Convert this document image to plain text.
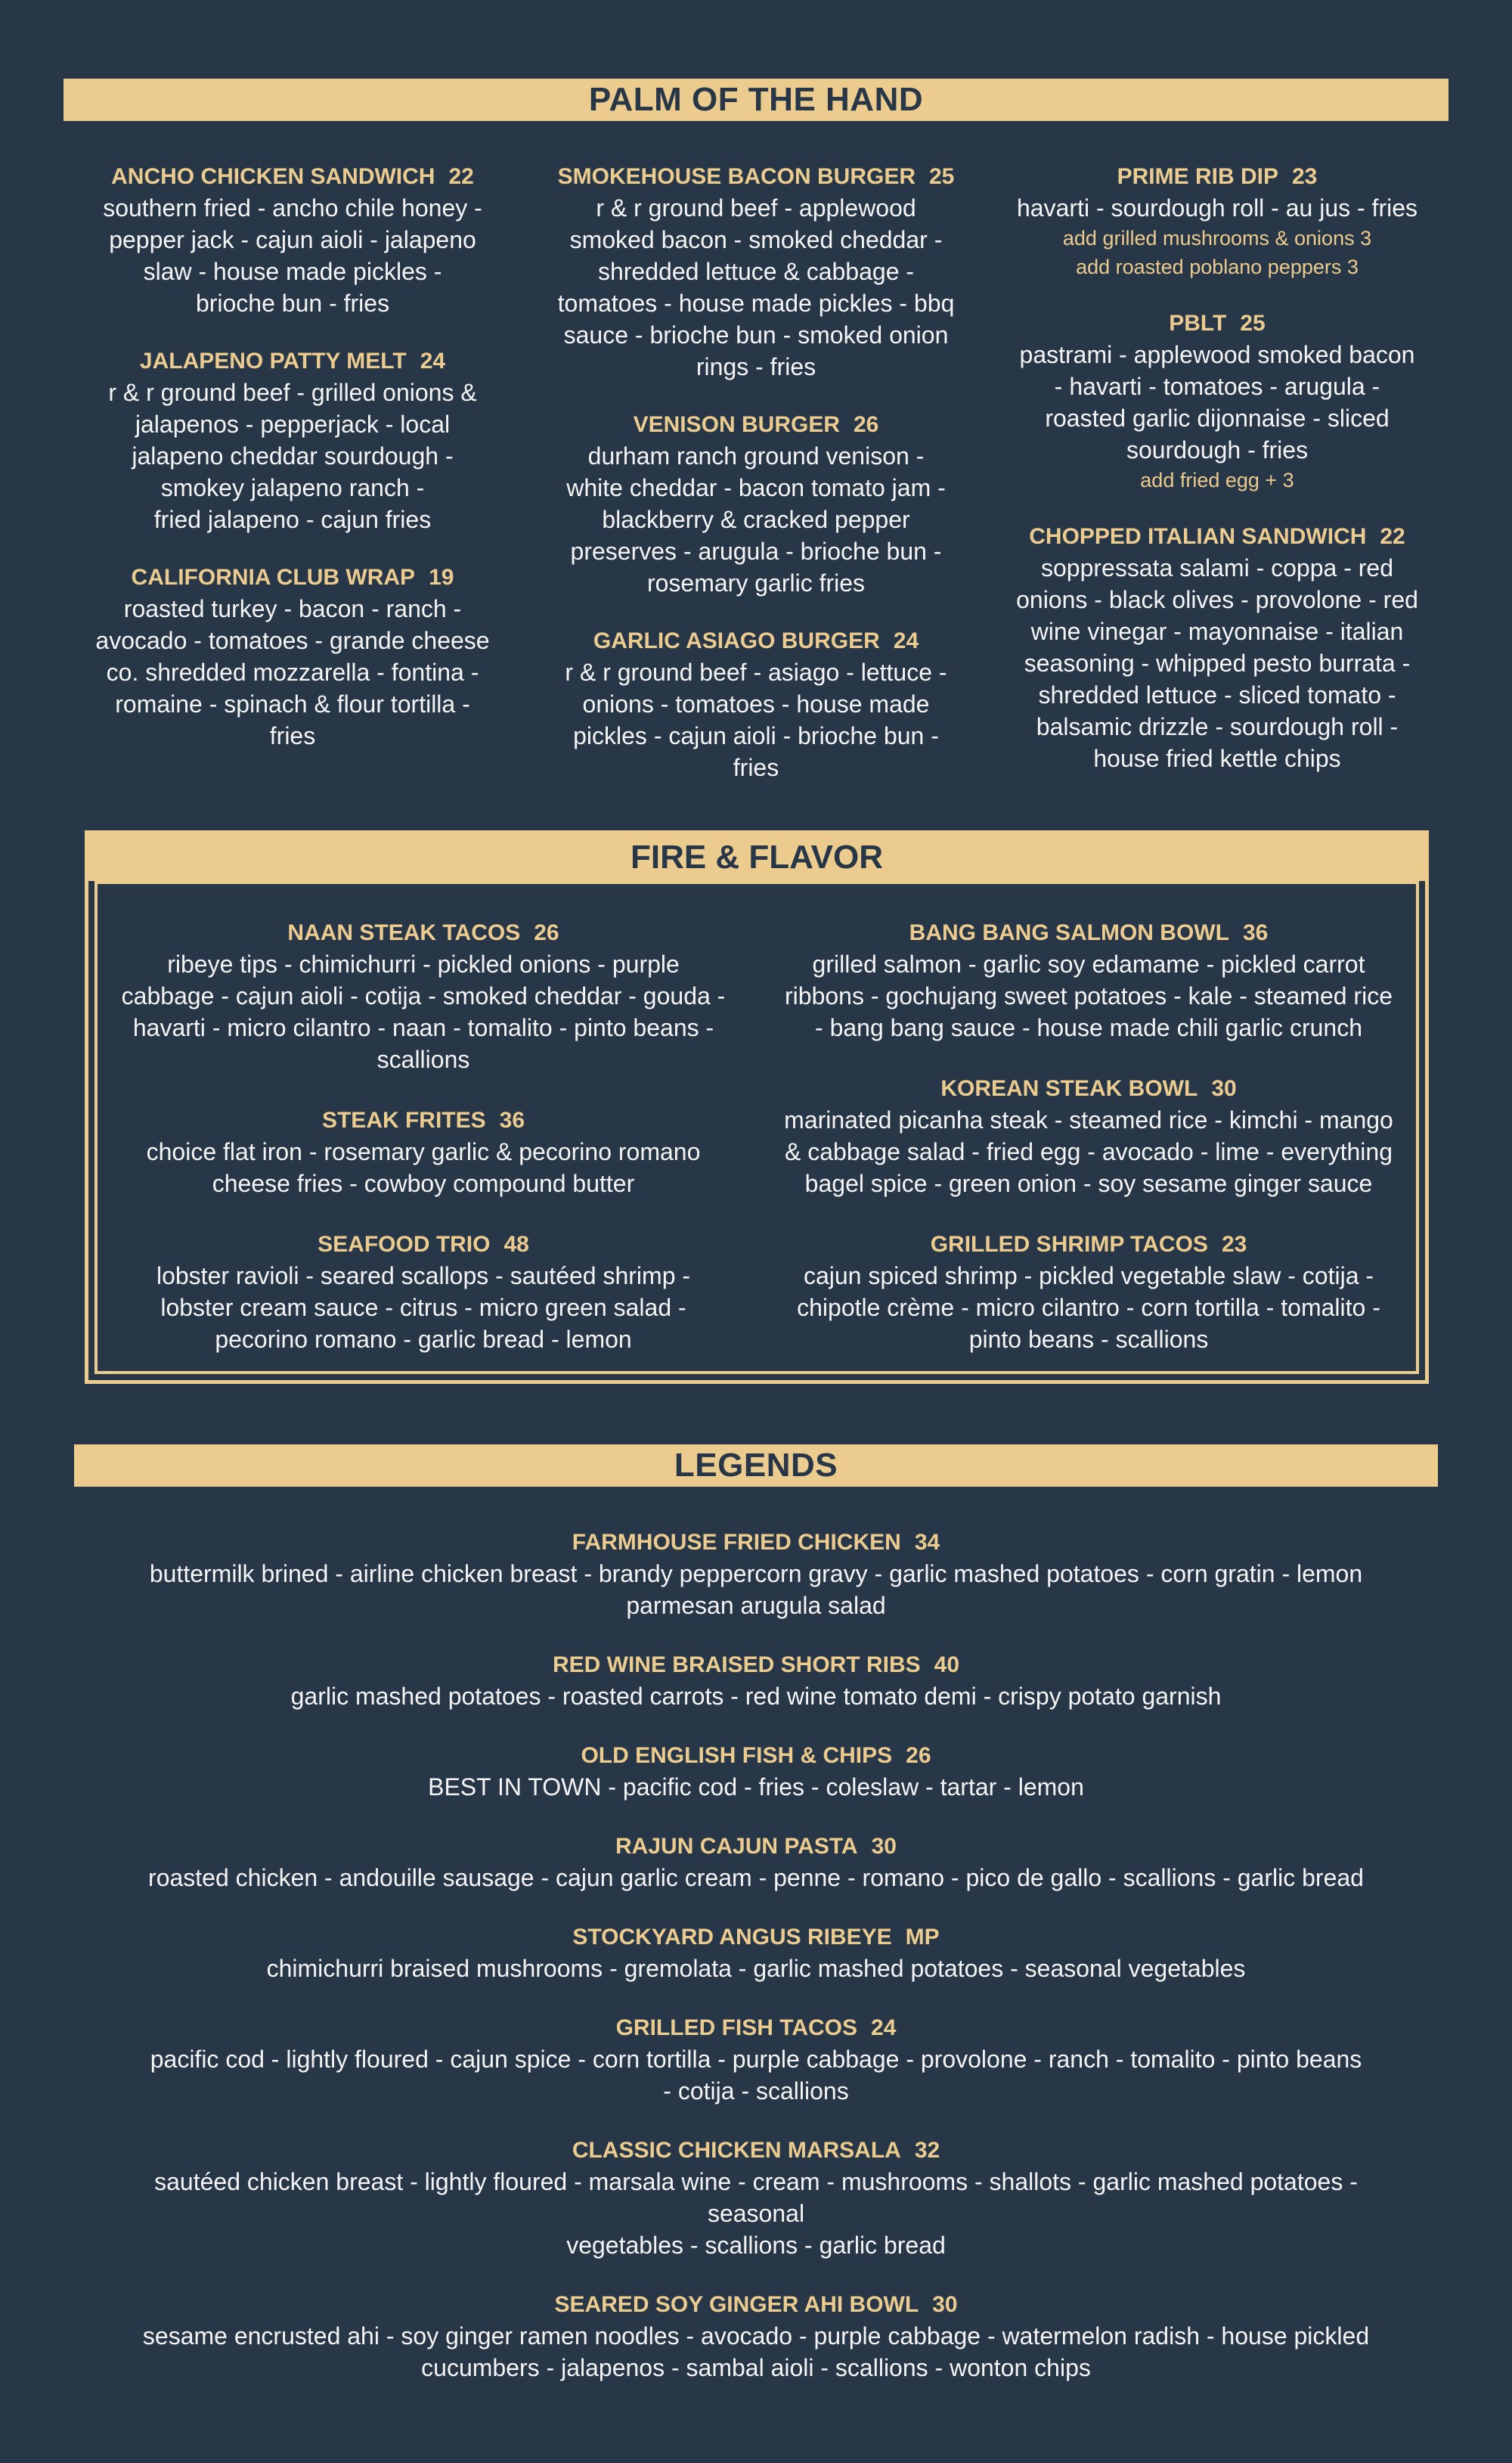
PALM OF THE HAND
ANCHO CHICKEN SANDWICH 22
southern fried - ancho chile honey -
pepper jack - cajun aioli - jalapeno
slaw - house made pickles -
brioche bun - fries
JALAPENO PATTY MELT 24
r & r ground beef - grilled onions &
jalapenos - pepperjack - local
jalapeno cheddar sourdough -
smokey jalapeno ranch -
fried jalapeno - cajun fries
CALIFORNIA CLUB WRAP 19
roasted turkey - bacon - ranch -
avocado - tomatoes - grande cheese
co. shredded mozzarella - fontina -
romaine - spinach & flour tortilla -
fries
SMOKEHOUSE BACON BURGER 25
r & r ground beef - applewood
smoked bacon - smoked cheddar -
shredded lettuce & cabbage -
tomatoes - house made pickles - bbq
sauce - brioche bun - smoked onion
rings - fries
VENISON BURGER 26
durham ranch ground venison -
white cheddar - bacon tomato jam -
blackberry & cracked pepper
preserves - arugula - brioche bun -
rosemary garlic fries
GARLIC ASIAGO BURGER 24
r & r ground beef - asiago - lettuce -
onions - tomatoes - house made
pickles - cajun aioli - brioche bun -
fries
PRIME RIB DIP 23
havarti - sourdough roll - au jus - fries
add grilled mushrooms & onions 3
add roasted poblano peppers 3
PBLT 25
pastrami - applewood smoked bacon
- havarti - tomatoes - arugula -
roasted garlic dijonnaise - sliced
sourdough - fries
add fried egg + 3
CHOPPED ITALIAN SANDWICH 22
soppressata salami - coppa - red
onions - black olives - provolone - red
wine vinegar - mayonnaise - italian
seasoning - whipped pesto burrata -
shredded lettuce - sliced tomato -
balsamic drizzle - sourdough roll -
house fried kettle chips
FIRE & FLAVOR
NAAN STEAK TACOS 26
ribeye tips - chimichurri - pickled onions - purple
cabbage - cajun aioli - cotija - smoked cheddar - gouda -
havarti - micro cilantro - naan - tomalito - pinto beans -
scallions
STEAK FRITES 36
choice flat iron - rosemary garlic & pecorino romano
cheese fries - cowboy compound butter
SEAFOOD TRIO 48
lobster ravioli - seared scallops - sautéed shrimp -
lobster cream sauce - citrus - micro green salad -
pecorino romano - garlic bread - lemon
BANG BANG SALMON BOWL 36
grilled salmon - garlic soy edamame - pickled carrot
ribbons - gochujang sweet potatoes - kale - steamed rice
- bang bang sauce - house made chili garlic crunch
KOREAN STEAK BOWL 30
marinated picanha steak - steamed rice - kimchi - mango
& cabbage salad - fried egg - avocado - lime - everything
bagel spice - green onion - soy sesame ginger sauce
GRILLED SHRIMP TACOS 23
cajun spiced shrimp - pickled vegetable slaw - cotija -
chipotle crème - micro cilantro - corn tortilla - tomalito -
pinto beans - scallions
LEGENDS
FARMHOUSE FRIED CHICKEN 34
buttermilk brined - airline chicken breast - brandy peppercorn gravy - garlic mashed potatoes - corn gratin - lemon
parmesan arugula salad
RED WINE BRAISED SHORT RIBS 40
garlic mashed potatoes - roasted carrots - red wine tomato demi - crispy potato garnish
OLD ENGLISH FISH & CHIPS 26
BEST IN TOWN - pacific cod - fries - coleslaw - tartar - lemon
RAJUN CAJUN PASTA 30
roasted chicken - andouille sausage - cajun garlic cream - penne - romano - pico de gallo - scallions - garlic bread
STOCKYARD ANGUS RIBEYE MP
chimichurri braised mushrooms - gremolata - garlic mashed potatoes - seasonal vegetables
GRILLED FISH TACOS 24
pacific cod - lightly floured - cajun spice - corn tortilla - purple cabbage - provolone - ranch - tomalito - pinto beans
- cotija - scallions
CLASSIC CHICKEN MARSALA 32
sautéed chicken breast - lightly floured - marsala wine - cream - mushrooms - shallots - garlic mashed potatoes - seasonal
vegetables - scallions - garlic bread
SEARED SOY GINGER AHI BOWL 30
sesame encrusted ahi - soy ginger ramen noodles - avocado - purple cabbage - watermelon radish - house pickled
cucumbers - jalapenos - sambal aioli - scallions - wonton chips
